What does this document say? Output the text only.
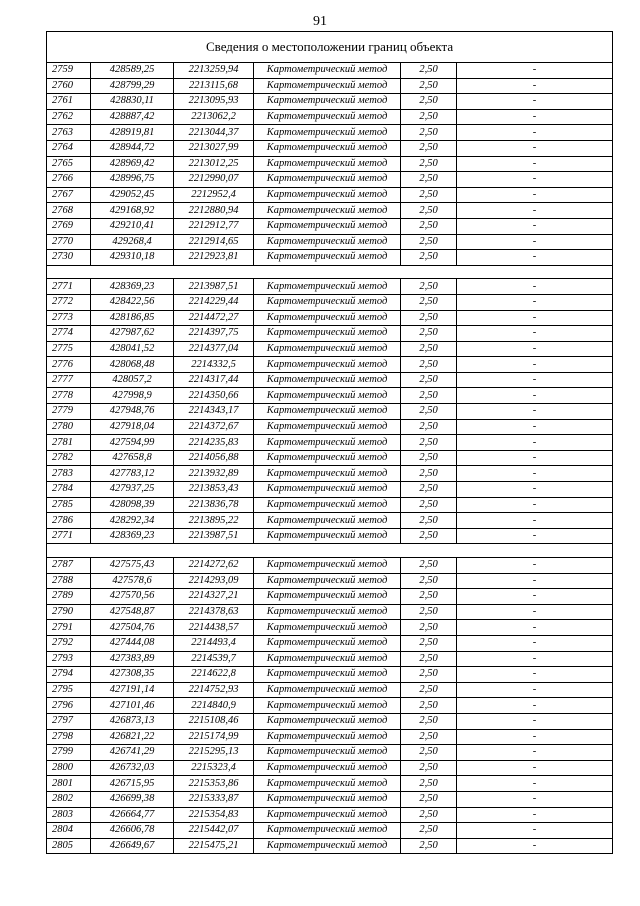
91
Сведения о местоположении границ объекта					
2759	428589,25	2213259,94	Картометрический метод	2,50	-
2760	428799,29	2213115,68	Картометрический метод	2,50	-
2761	428830,11	2213095,93	Картометрический метод	2,50	-
2762	428887,42	2213062,2	Картометрический метод	2,50	-
2763	428919,81	2213044,37	Картометрический метод	2,50	-
2764	428944,72	2213027,99	Картометрический метод	2,50	-
2765	428969,42	2213012,25	Картометрический метод	2,50	-
2766	428996,75	2212990,07	Картометрический метод	2,50	-
2767	429052,45	2212952,4	Картометрический метод	2,50	-
2768	429168,92	2212880,94	Картометрический метод	2,50	-
2769	429210,41	2212912,77	Картометрический метод	2,50	-
2770	429268,4	2212914,65	Картометрический метод	2,50	-
2730	429310,18	2212923,81	Картометрический метод	2,50	-

2771	428369,23	2213987,51	Картометрический метод	2,50	-
2772	428422,56	2214229,44	Картометрический метод	2,50	-
2773	428186,85	2214472,27	Картометрический метод	2,50	-
2774	427987,62	2214397,75	Картометрический метод	2,50	-
2775	428041,52	2214377,04	Картометрический метод	2,50	-
2776	428068,48	2214332,5	Картометрический метод	2,50	-
2777	428057,2	2214317,44	Картометрический метод	2,50	-
2778	427998,9	2214350,66	Картометрический метод	2,50	-
2779	427948,76	2214343,17	Картометрический метод	2,50	-
2780	427918,04	2214372,67	Картометрический метод	2,50	-
2781	427594,99	2214235,83	Картометрический метод	2,50	-
2782	427658,8	2214056,88	Картометрический метод	2,50	-
2783	427783,12	2213932,89	Картометрический метод	2,50	-
2784	427937,25	2213853,43	Картометрический метод	2,50	-
2785	428098,39	2213836,78	Картометрический метод	2,50	-
2786	428292,34	2213895,22	Картометрический метод	2,50	-
2771	428369,23	2213987,51	Картометрический метод	2,50	-

2787	427575,43	2214272,62	Картометрический метод	2,50	-
2788	427578,6	2214293,09	Картометрический метод	2,50	-
2789	427570,56	2214327,21	Картометрический метод	2,50	-
2790	427548,87	2214378,63	Картометрический метод	2,50	-
2791	427504,76	2214438,57	Картометрический метод	2,50	-
2792	427444,08	2214493,4	Картометрический метод	2,50	-
2793	427383,89	2214539,7	Картометрический метод	2,50	-
2794	427308,35	2214622,8	Картометрический метод	2,50	-
2795	427191,14	2214752,93	Картометрический метод	2,50	-
2796	427101,46	2214840,9	Картометрический метод	2,50	-
2797	426873,13	2215108,46	Картометрический метод	2,50	-
2798	426821,22	2215174,99	Картометрический метод	2,50	-
2799	426741,29	2215295,13	Картометрический метод	2,50	-
2800	426732,03	2215323,4	Картометрический метод	2,50	-
2801	426715,95	2215353,86	Картометрический метод	2,50	-
2802	426699,38	2215333,87	Картометрический метод	2,50	-
2803	426664,77	2215354,83	Картометрический метод	2,50	-
2804	426606,78	2215442,07	Картометрический метод	2,50	-
2805	426649,67	2215475,21	Картометрический метод	2,50	-
